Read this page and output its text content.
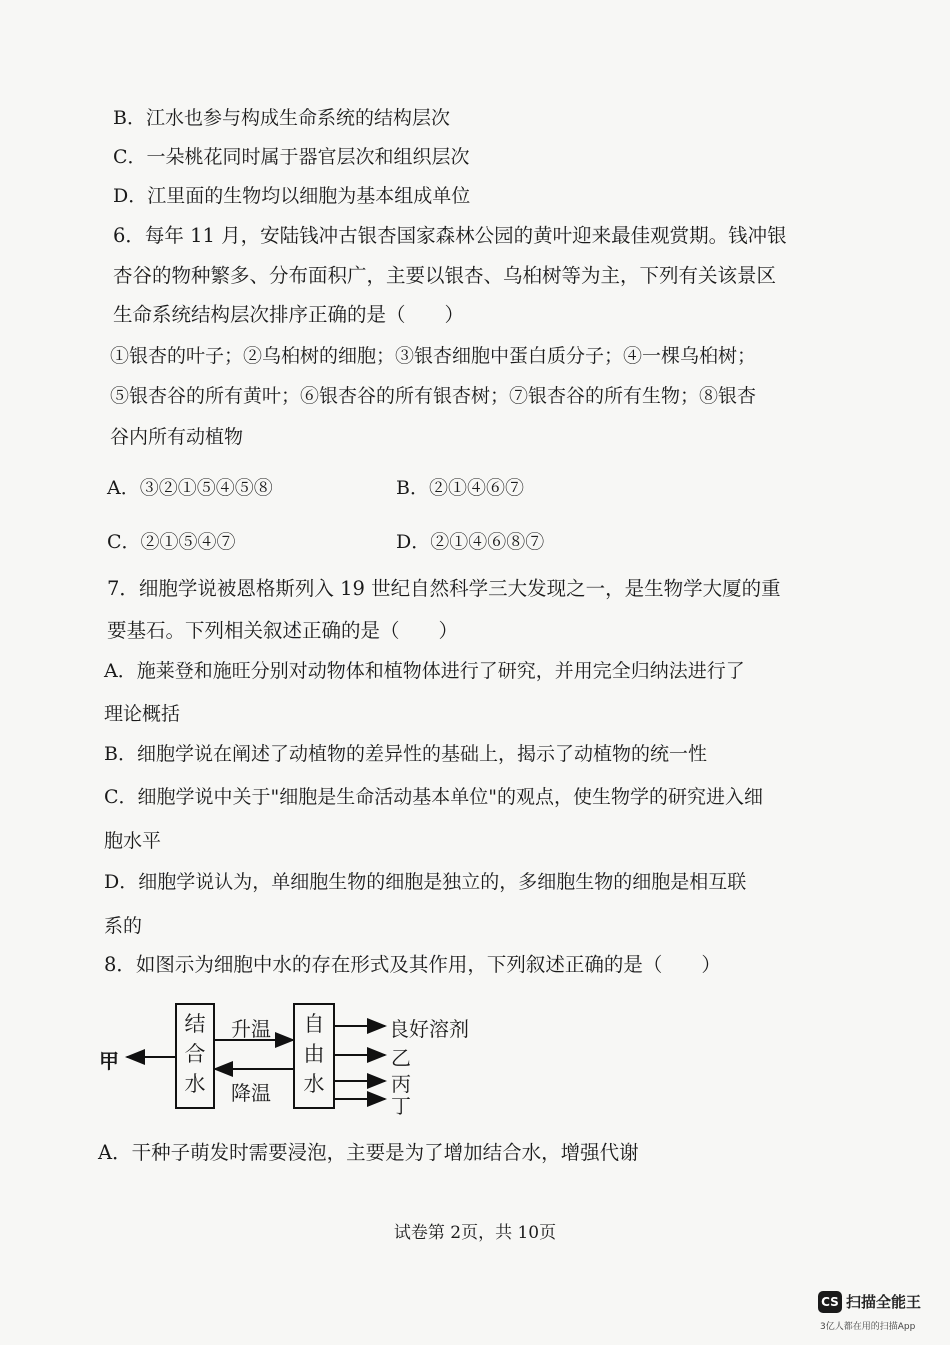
B．江水也参与构成生命系统的结构层次
C．一朵桃花同时属于器官层次和组织层次
D．江里面的生物均以细胞为基本组成单位
6．每年 11 月，安陆钱冲古银杏国家森林公园的黄叶迎来最佳观赏期。钱冲银
杏谷的物种繁多、分布面积广，主要以银杏、乌桕树等为主，下列有关该景区
生命系统结构层次排序正确的是（　　）
①银杏的叶子；②乌桕树的细胞；③银杏细胞中蛋白质分子；④一棵乌桕树；
⑤银杏谷的所有黄叶；⑥银杏谷的所有银杏树；⑦银杏谷的所有生物；⑧银杏
谷内所有动植物
A．③②①⑤④⑤⑧	B．②①④⑥⑦
C．②①⑤④⑦	D．②①④⑥⑧⑦
7．细胞学说被恩格斯列入 19 世纪自然科学三大发现之一，是生物学大厦的重
要基石。下列相关叙述正确的是（　　）
A．施莱登和施旺分别对动物体和植物体进行了研究，并用完全归纳法进行了
理论概括
B．细胞学说在阐述了动植物的差异性的基础上，揭示了动植物的统一性
C．细胞学说中关于"细胞是生命活动基本单位"的观点，使生物学的研究进入细
胞水平
D．细胞学说认为，单细胞生物的细胞是独立的，多细胞生物的细胞是相互联
系的
8．如图示为细胞中水的存在形式及其作用，下列叙述正确的是（　　）
结
合
水
自
由
水
甲
升温
降温
良好溶剂
乙
丙
丁
A．干种子萌发时需要浸泡，主要是为了增加结合水，增强代谢
试卷第 2页，共 10页
CS 扫描全能王
3亿人都在用的扫描App
